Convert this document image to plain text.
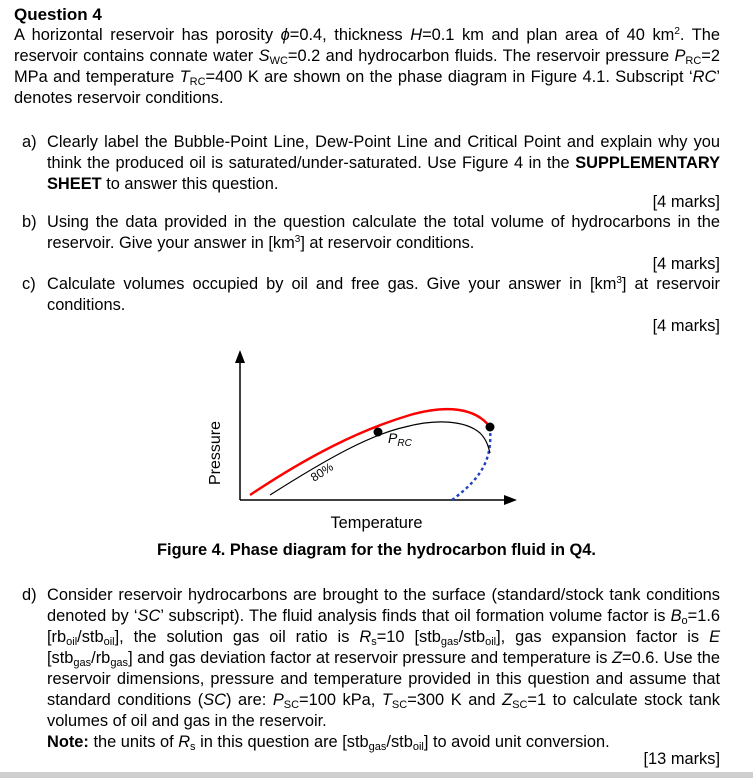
Question 4
A horizontal reservoir has porosity ϕ=0.4, thickness H=0.1 km and plan area of 40 $km^2$. The reservoir contains connate water $S_{WC}=0.2$ and hydrocarbon fluids. The reservoir pressure $P_{RC}=2$ MPa and temperature $T_{RC}=400$ K are shown on the phase diagram in Figure 4.1. Subscript ‘RC’ denotes reservoir conditions.
a) Clearly label the Bubble-Point Line, Dew-Point Line and Critical Point and explain why you think the produced oil is saturated/under-saturated. Use Figure 4 in the SUPPLEMENTARY SHEET to answer this question.
[4 marks]
b) Using the data provided in the question calculate the total volume of hydrocarbons in the reservoir. Give your answer in $[km^3]$ at reservoir conditions.
[4 marks]
c) Calculate volumes occupied by oil and free gas. Give your answer in $[km^3]$ at reservoir conditions.
[4 marks]
$P_{RC}$
80%
Pressure
Temperature
Figure 4. Phase diagram for the hydrocarbon fluid in Q4.
d) Consider reservoir hydrocarbons are brought to the surface (standard/stock tank conditions denoted by ‘SC’ subscript). The fluid analysis finds that oil formation volume factor is $B_o=1.6$ $[rb_{oil}/stb_{oil}]$, the solution gas oil ratio is $R_s=10$ [stb$_{gas}$/stb$_{oil}$], gas expansion factor is E $[stb_{gas}/rb_{gas}]$ and gas deviation factor at reservoir pressure and temperature is Z=0.6. Use the reservoir dimensions, pressure and temperature provided in this question and assume that standard conditions (SC) are: $P_{SC}=100$ kPa, $T_{SC}=300$ K and $Z_{SC}=1$ to calculate stock tank volumes of oil and gas in the reservoir.
Note: the units of $R_s$ in this question are [stb$_{gas}$/stb$_{oil}$] to avoid unit conversion.
[13 marks]
